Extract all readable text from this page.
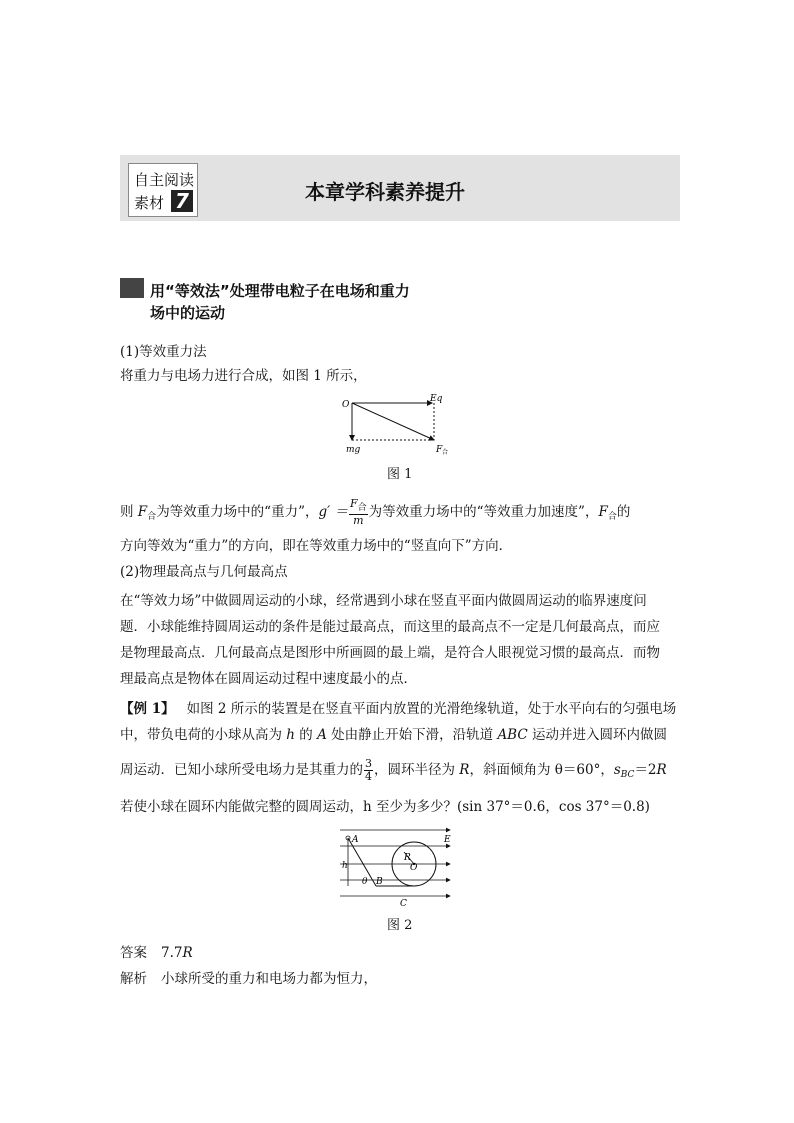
自主阅读
素材 7	本章学科素养提升
用“等效法”处理带电粒子在电场和重力
场中的运动
(1)等效重力法
将重力与电场力进行合成，如图 1 所示，
O
Eq
mg	F 合
图 1
则 $F_合$为等效重力场中的“重力”，$g' = \frac{F_合}{m}$ 为等效重力场中的“等效重力加速度”，$F_合$的
方向等效为“重力”的方向，即在等效重力场中的“竖直向下”方向．
(2)物理最高点与几何最高点
在“等效力场”中做圆周运动的小球，经常遇到小球在竖直平面内做圆周运动的临界速度问
题．小球能维持圆周运动的条件是能过最高点，而这里的最高点不一定是几何最高点，而应
是物理最高点．几何最高点是图形中所画圆的最上端，是符合人眼视觉习惯的最高点．而物
理最高点是物体在圆周运动过程中速度最小的点．
【例 1】 如图 2 所示的装置是在竖直平面内放置的光滑绝缘轨道，处于水平向右的匀强电场
中，带负电荷的小球从高为 h 的 A 处由静止开始下滑，沿轨道 ABC 运动并进入圆环内做圆
周运动．已知小球所受电场力是其重力的 $\frac{3}{4}$ ，圆环半径为 R，斜面倾角为 θ＝60°，$s_{BC}=2R$
若使小球在圆环内能做完整的圆周运动，h 至少为多少？(sin 37°＝0.6，cos 37°＝0.8)
A	E
h
R
O
θ B
C
图 2
答案 7.7R
解析 小球所受的重力和电场力都为恒力，
